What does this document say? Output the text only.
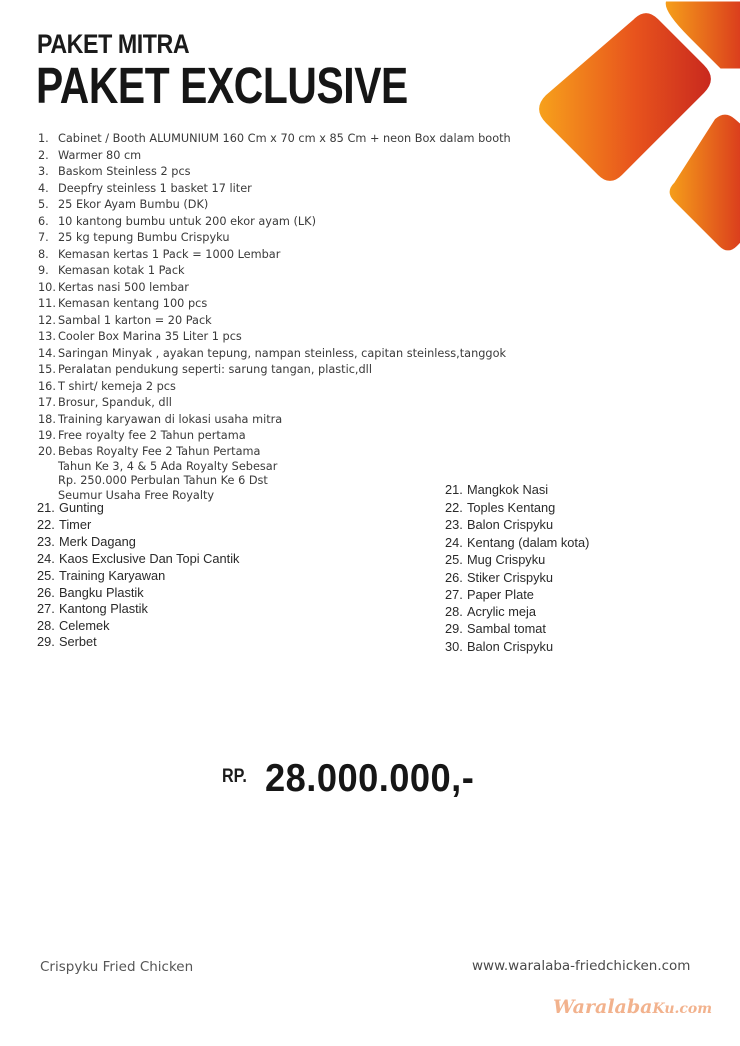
PAKET MITRA
PAKET EXCLUSIVE
1. Cabinet / Booth ALUMUNIUM 160 Cm x 70 cm x 85 Cm + neon Box dalam booth
2. Warmer 80 cm
3. Baskom Steinless 2 pcs
4. Deepfry steinless 1 basket 17 liter
5. 25 Ekor Ayam Bumbu (DK)
6. 10 kantong bumbu untuk 200 ekor ayam (LK)
7. 25 kg tepung Bumbu Crispyku
8. Kemasan kertas 1 Pack = 1000 Lembar
9. Kemasan kotak 1 Pack
10. Kertas nasi 500 lembar
11. Kemasan kentang 100 pcs
12. Sambal 1 karton = 20 Pack
13. Cooler Box Marina 35 Liter 1 pcs
14. Saringan Minyak , ayakan tepung, nampan steinless, capitan steinless,tanggok
15. Peralatan pendukung seperti: sarung tangan, plastic,dll
16. T shirt/ kemeja 2 pcs
17. Brosur, Spanduk, dll
18. Training karyawan di lokasi usaha mitra
19. Free royalty fee 2 Tahun pertama
20. Bebas Royalty Fee 2 Tahun Pertama
Tahun Ke 3, 4 & 5 Ada Royalty Sebesar
Rp. 250.000 Perbulan Tahun Ke 6 Dst
Seumur Usaha Free Royalty
21. Gunting
22. Timer
23. Merk Dagang
24. Kaos Exclusive Dan Topi Cantik
25. Training Karyawan
26. Bangku Plastik
27. Kantong Plastik
28. Celemek
29. Serbet
21. Mangkok Nasi
22. Toples Kentang
23. Balon Crispyku
24. Kentang (dalam kota)
25. Mug Crispyku
26. Stiker Crispyku
27. Paper Plate
28. Acrylic meja
29. Sambal tomat
30. Balon Crispyku
RP. 28.000.000,-
Crispyku Fried Chicken	www.waralaba-friedchicken.com
WaralabaKu.com
